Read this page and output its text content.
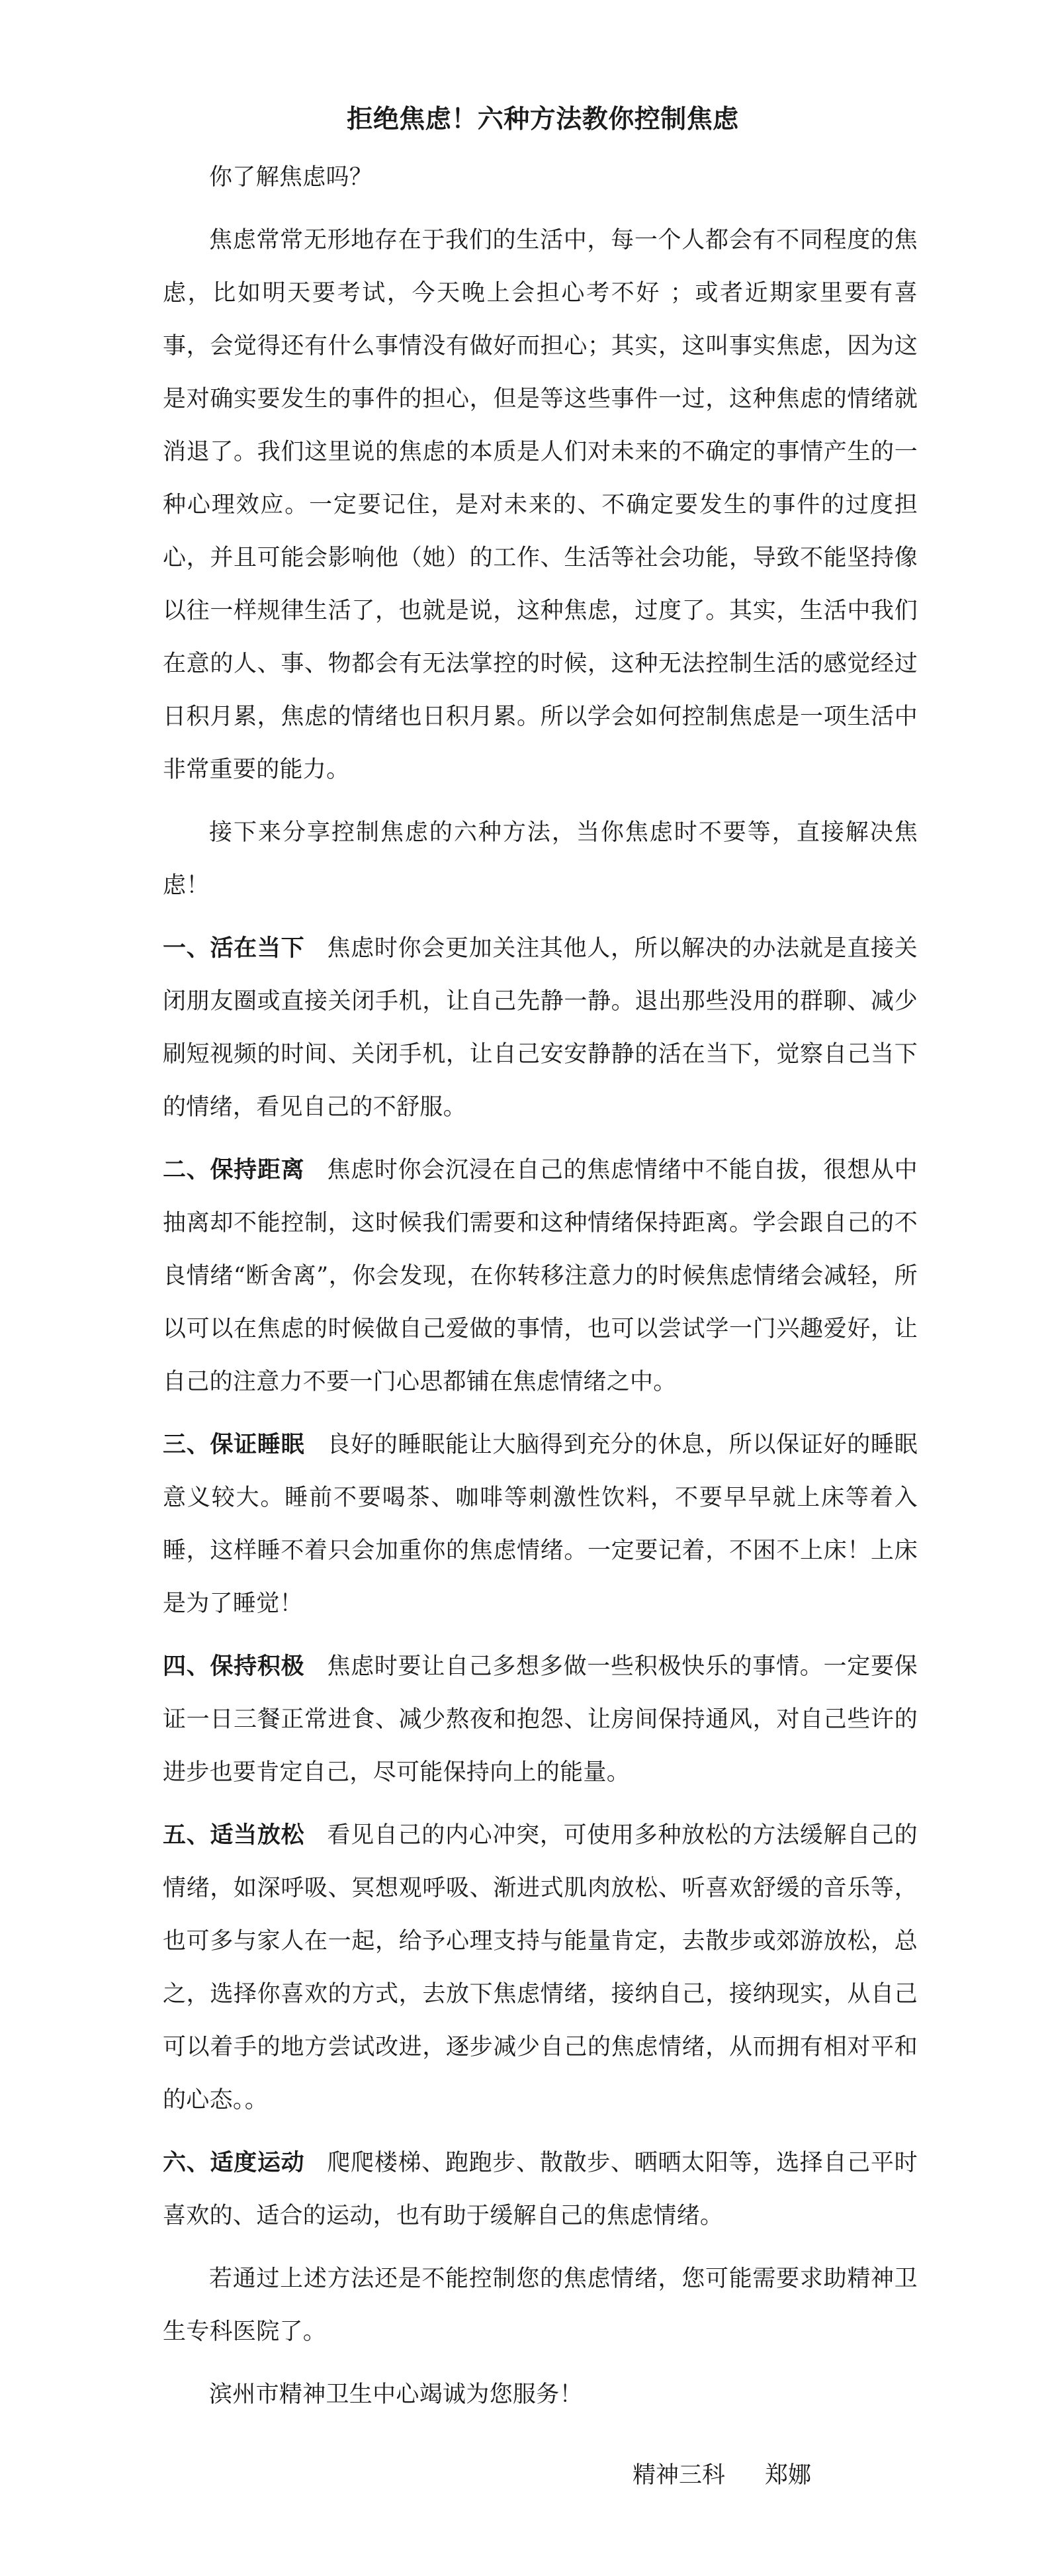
拒绝焦虑！六种方法教你控制焦虑

你了解焦虑吗？

焦虑常常无形地存在于我们的生活中，每一个人都会有不同程度的焦虑，比如明天要考试，今天晚上会担心考不好 ；或者近期家里要有喜事，会觉得还有什么事情没有做好而担心；其实，这叫事实焦虑，因为这是对确实要发生的事件的担心，但是等这些事件一过，这种焦虑的情绪就消退了。我们这里说的焦虑的本质是人们对未来的不确定的事情产生的一种心理效应。一定要记住，是对未来的、不确定要发生的事件的过度担心，并且可能会影响他（她）的工作、生活等社会功能，导致不能坚持像以往一样规律生活了，也就是说，这种焦虑，过度了。其实，生活中我们在意的人、事、物都会有无法掌控的时候，这种无法控制生活的感觉经过日积月累，焦虑的情绪也日积月累。所以学会如何控制焦虑是一项生活中非常重要的能力。

接下来分享控制焦虑的六种方法，当你焦虑时不要等，直接解决焦虑！

一、活在当下 焦虑时你会更加关注其他人，所以解决的办法就是直接关闭朋友圈或直接关闭手机，让自己先静一静。退出那些没用的群聊、减少刷短视频的时间、关闭手机，让自己安安静静的活在当下，觉察自己当下的情绪，看见自己的不舒服。

二、保持距离 焦虑时你会沉浸在自己的焦虑情绪中不能自拔，很想从中抽离却不能控制，这时候我们需要和这种情绪保持距离。学会跟自己的不良情绪“断舍离”，你会发现，在你转移注意力的时候焦虑情绪会减轻，所以可以在焦虑的时候做自己爱做的事情，也可以尝试学一门兴趣爱好，让自己的注意力不要一门心思都铺在焦虑情绪之中。

三、保证睡眠 良好的睡眠能让大脑得到充分的休息，所以保证好的睡眠意义较大。睡前不要喝茶、咖啡等刺激性饮料，不要早早就上床等着入睡，这样睡不着只会加重你的焦虑情绪。一定要记着，不困不上床！上床是为了睡觉！

四、保持积极 焦虑时要让自己多想多做一些积极快乐的事情。一定要保证一日三餐正常进食、减少熬夜和抱怨、让房间保持通风，对自己些许的进步也要肯定自己，尽可能保持向上的能量。

五、适当放松 看见自己的内心冲突，可使用多种放松的方法缓解自己的情绪，如深呼吸、冥想观呼吸、渐进式肌肉放松、听喜欢舒缓的音乐等，也可多与家人在一起，给予心理支持与能量肯定，去散步或郊游放松，总之，选择你喜欢的方式，去放下焦虑情绪，接纳自己，接纳现实，从自己可以着手的地方尝试改进，逐步减少自己的焦虑情绪，从而拥有相对平和的心态。。

六、适度运动 爬爬楼梯、跑跑步、散散步、晒晒太阳等，选择自己平时喜欢的、适合的运动，也有助于缓解自己的焦虑情绪。

若通过上述方法还是不能控制您的焦虑情绪，您可能需要求助精神卫生专科医院了。

滨州市精神卫生中心竭诚为您服务！

精神三科 郑娜
